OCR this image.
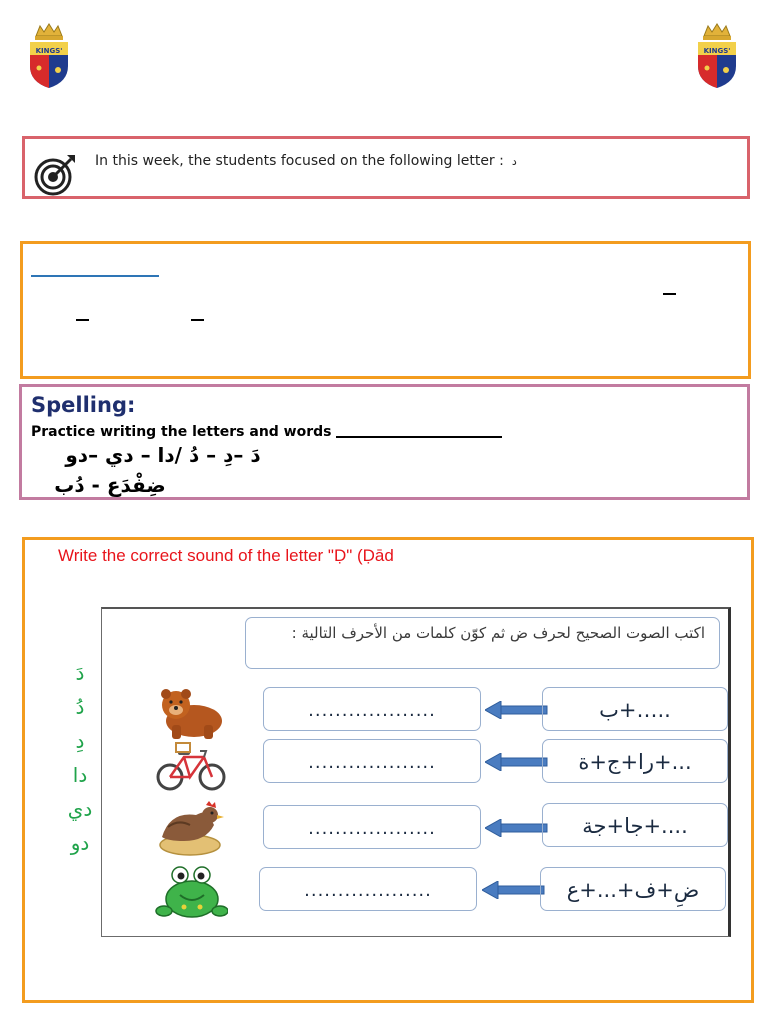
KINGS'	KINGS'
In this week, the students focused on the following letter : د
Spelling:
Practice writing the letters and words
دَ –دِ – دُ /دا – دي –دو
ضِفْدَع - دُب
Write the correct sound of the letter "Ḍ" (Ḍād
دَ
دُ
دِ
دا
دي
دو
اكتب الصوت الصحيح لحرف ض ثم كوّن كلمات من الأحرف التالية :
...................	..…+ب
...................	...+را+ج+ة
...................	....+جا+جة
...................	ضِ+ف+...+ع
